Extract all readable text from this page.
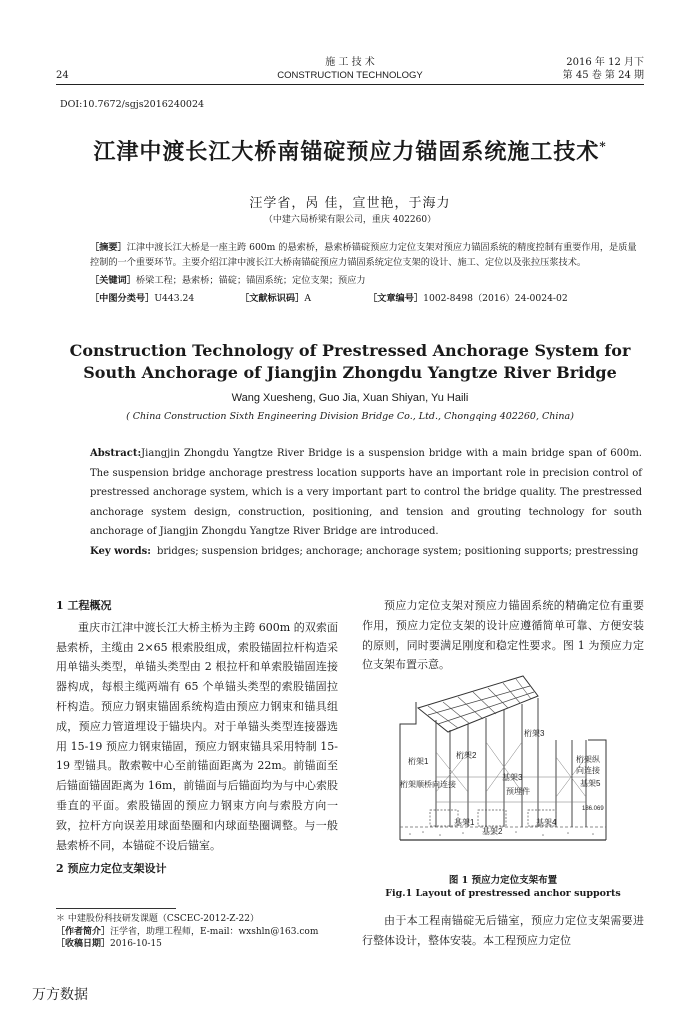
24
施 工 技 术
CONSTRUCTION TECHNOLOGY
2016 年 12 月下
第 45 卷 第 24 期
DOI:10.7672/sgjs2016240024
江津中渡长江大桥南锚碇预应力锚固系统施工技术*
汪学省，呙 佳，宣世艳，于海力
（中建六局桥梁有限公司，重庆 402260）
［摘要］江津中渡长江大桥是一座主跨 600m 的悬索桥，悬索桥锚碇预应力定位支架对预应力锚固系统的精度控制有重要作用，是质量控制的一个重要环节。主要介绍江津中渡长江大桥南锚碇预应力锚固系统定位支架的设计、施工、定位以及张拉压浆技术。
［关键词］桥梁工程；悬索桥；锚碇；锚固系统；定位支架；预应力
［中图分类号］U443.24	［文献标识码］A	［文章编号］1002-8498（2016）24-0024-02
Construction Technology of Prestressed Anchorage System for
South Anchorage of Jiangjin Zhongdu Yangtze River Bridge
Wang Xuesheng, Guo Jia, Xuan Shiyan, Yu Haili
( China Construction Sixth Engineering Division Bridge Co., Ltd., Chongqing 402260, China)
Abstract:Jiangjin Zhongdu Yangtze River Bridge is a suspension bridge with a main bridge span of 600m. The suspension bridge anchorage prestress location supports have an important role in precision control of prestressed anchorage system, which is a very important part to control the bridge quality. The prestressed anchorage system design, construction, positioning, and tension and grouting technology for south anchorage of Jiangjin Zhongdu Yangtze River Bridge are introduced.
Key words: bridges; suspension bridges; anchorage; anchorage system; positioning supports; prestressing
1 工程概况

重庆市江津中渡长江大桥主桥为主跨 600m 的双索面悬索桥，主缆由 2×65 根索股组成，索股锚固拉杆构造采用单锚头类型，单锚头类型由 2 根拉杆和单索股锚固连接器构成，每根主缆两端有 65 个单锚头类型的索股锚固拉杆构造。预应力钢束锚固系统构造由预应力钢束和锚具组成，预应力管道埋设于锚块内。对于单锚头类型连接器选用 15-19 预应力钢束锚固，预应力钢束锚具采用特制 15-19 型锚具。散索鞍中心至前锚面距离为 22m。前锚面至后锚面锚固距离为 16m，前锚面与后锚面均为与中心索股垂直的平面。索股锚固的预应力钢束方向与索股方向一致，拉杆方向误差用球面垫圈和内球面垫圈调整。与一般悬索桥不同，本锚碇不设后锚室。

2 预应力定位支架设计

预应力定位支架对预应力锚固系统的精确定位有重要作用，预应力定位支架的设计应遵循简单可靠、方便安装的原则，同时要满足刚度和稳定性要求。图 1 为预应力定位支架布置示意。

桁架3
桁架1
桁架2	桁架纵
向连接
基架5
基架3
预埋件
桁架顺桥向连接
186.069
基架1
基架2
基架4
图 1 预应力定位支架布置
Fig.1 Layout of prestressed anchor supports

由于本工程南锚碇无后锚室，预应力定位支架需要进行整体设计，整体安装。本工程预应力定位

＊ 中建股份科技研发课题（CSCEC-2012-Z-22）
［作者简介］汪学省，助理工程师，E-mail：wxshln@163.com
［收稿日期］2016-10-15
万方数据
